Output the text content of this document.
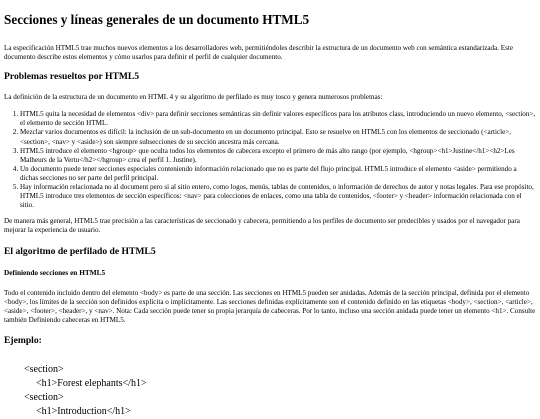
Secciones y líneas generales de un documento HTML5

La especificación HTML5 trae muchos nuevos elementos a los desarrolladores web, permitiéndoles describir la estructura de un documento web con semántica estandarizada. Este documento describe estos elementos y cómo usarlos para definir el perfil de cualquier documento.

Problemas resueltos por HTML5

La definición de la estructura de un documento en HTML 4 y su algoritmo de perfilado es muy tosco y genera numerosos problemas:

1. HTML5 quita la necesidad de elementos <div> para definir secciones semánticas sin definir valores específicos para los atributos class, introduciendo un nuevo elemento, <section>, el elemento de sección HTML.
2. Mezclar varios documentos es difícil: la inclusión de un sub-documento en un documento principal. Esto se resuelve en HTML5 con los elementos de seccionado (<article>, <section>, <nav> y <aside>) son siempre subsecciones de su sección ancestra más cercana.
3. HTML5 introduce el elemento <hgroup> que oculta todos los elementos de cabecera excepto el primero de más alto rango (por ejemplo, <hgroup><h1>Justine</h1><h2>Les Malheurs de la Vertu</h2></hgroup> crea el perfil 1. Justine).
4. Un documento puede tener secciones especiales conteniendo información relacionado que no es parte del flujo principal. HTML5 introduce el elemento <aside> permitiendo a dichas secciones no ser parte del perfil principal.
5. Hay información relacionada no al document pero si al sitio entero, como logos, menús, tablas de contenidos, o información de derechos de autor y notas legales. Para ese propósito, HTML5 introduce tres elementos de sección específicos: <nav> para colecciones de enlaces, como una tabla de contenidos, <footer> y <header> información relacionada con el sitio.

De manera más general, HTML5 trae precisión a las características de seccionado y cabecera, permitiendo a los perfiles de documento ser predecibles y usados por el navegador para mejorar la experiencia de usuario.

El algoritmo de perfilado de HTML5
Definiendo secciones en HTML5

Todo el contenido incluido dentro del elemento <body> es parte de una sección. Las secciones en HTML5 pueden ser anidadas. Además de la sección principal, definida por el elemento <body>, los límites de la sección son definidos explícita o implícitamente. Las secciones definidas explícitamente son el contenido definido en las etiquetas <body>, <section>, <article>, <aside>, <footer>, <header>, y <nav>. Nota: Cada sección puede tener su propia jerarquía de cabeceras. Por lo tanto, incluso una sección anidada puede tener un elemento <h1>. Consulte también Definiendo cabeceras en HTML5.

Ejemplo:
<section>
<h1>Forest elephants</h1>
<section>
<h1>Introduction</h1>
